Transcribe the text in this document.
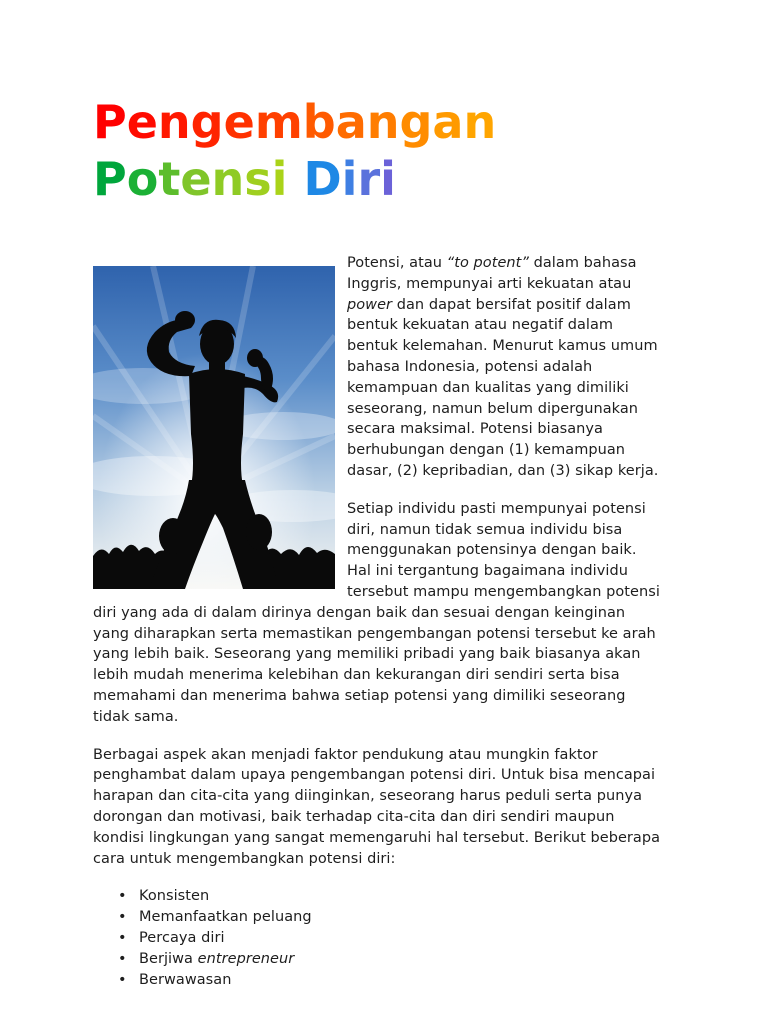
Pengembangan
Potensi Diri

Potensi, atau “to potent” dalam bahasa Inggris, mempunyai arti kekuatan atau power dan dapat bersifat positif dalam bentuk kekuatan atau negatif dalam bentuk kelemahan. Menurut kamus umum bahasa Indonesia, potensi adalah kemampuan dan kualitas yang dimiliki seseorang, namun belum dipergunakan secara maksimal. Potensi biasanya berhubungan dengan (1) kemampuan dasar, (2) kepribadian, dan (3) sikap kerja.

Setiap individu pasti mempunyai potensi diri, namun tidak semua individu bisa menggunakan potensinya dengan baik. Hal ini tergantung bagaimana individu tersebut mampu mengembangkan potensi diri yang ada di dalam dirinya dengan baik dan sesuai dengan keinginan yang diharapkan serta memastikan pengembangan potensi tersebut ke arah yang lebih baik. Seseorang yang memiliki pribadi yang baik biasanya akan lebih mudah menerima kelebihan dan kekurangan diri sendiri serta bisa memahami dan menerima bahwa setiap potensi yang dimiliki seseorang tidak sama.

Berbagai aspek akan menjadi faktor pendukung atau mungkin faktor penghambat dalam upaya pengembangan potensi diri. Untuk bisa mencapai harapan dan cita-cita yang diinginkan, seseorang harus peduli serta punya dorongan dan motivasi, baik terhadap cita-cita dan diri sendiri maupun kondisi lingkungan yang sangat memengaruhi hal tersebut. Berikut beberapa cara untuk mengembangkan potensi diri:

• Konsisten
• Memanfaatkan peluang
• Percaya diri
• Berjiwa entrepreneur
• Berwawasan
